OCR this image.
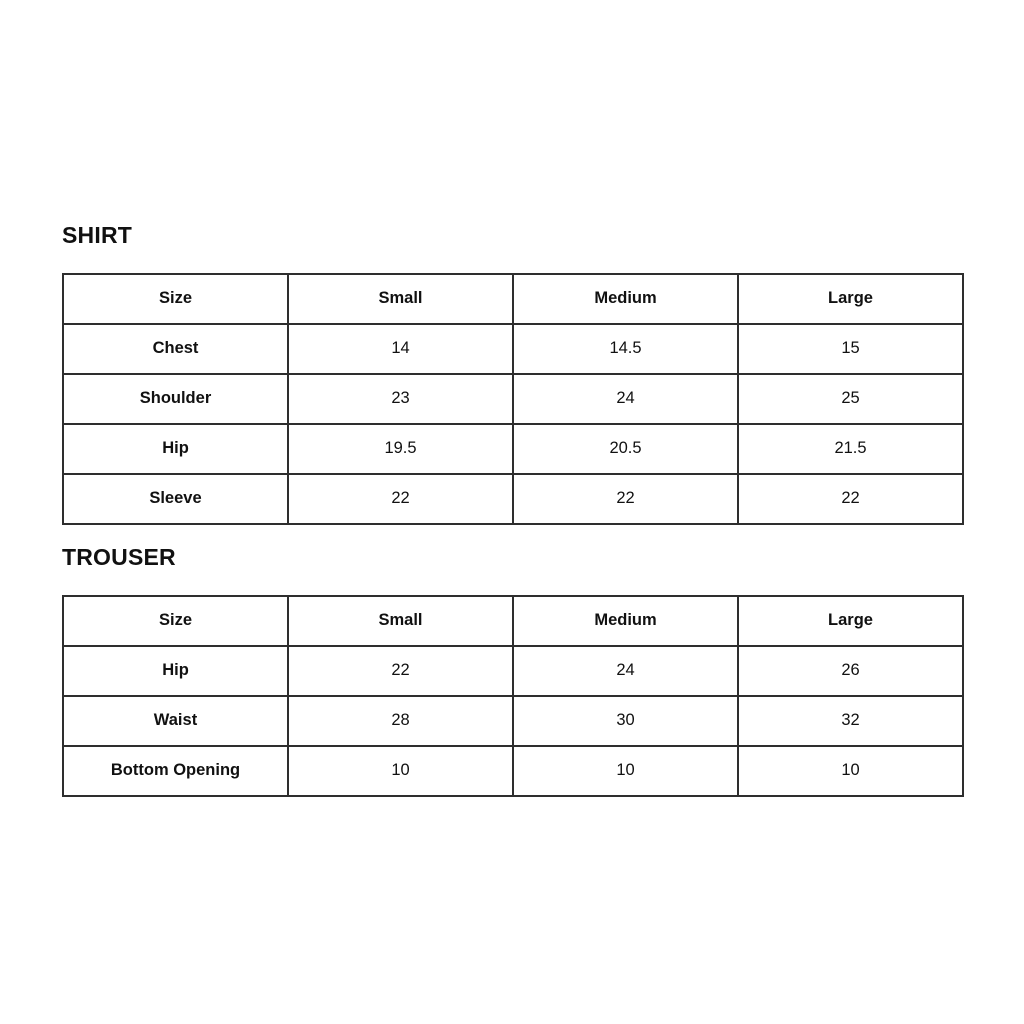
SHIRT
Size	Small	Medium	Large
Chest	14	14.5	15
Shoulder	23	24	25
Hip	19.5	20.5	21.5
Sleeve	22	22	22
TROUSER
Size	Small	Medium	Large
Hip	22	24	26
Waist	28	30	32
Bottom Opening	10	10	10
